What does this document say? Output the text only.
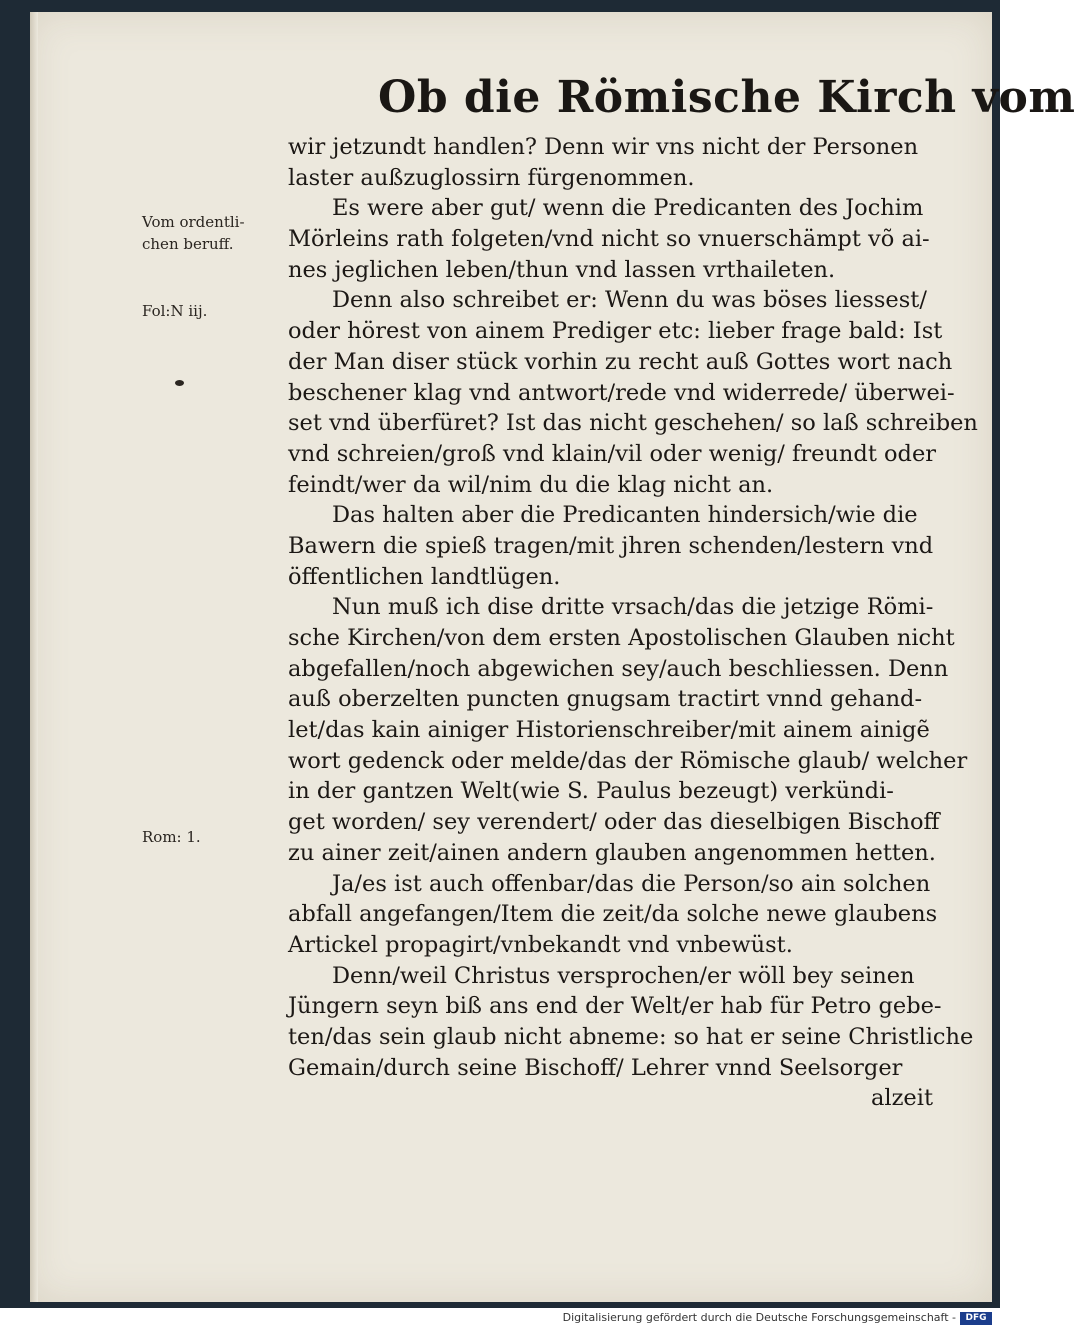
Ob die Römische Kirch vom
Vom ordentli-
chen beruff.
Fol:N iij.
Rom: 1.
wir jetzundt handlen? Denn wir vns nicht der Personen
laster außzuglossirn fürgenommen.
Es were aber gut/ wenn die Predicanten des Jochim
Mörleins rath folgeten/vnd nicht so vnuerschämpt võ ai-
nes jeglichen leben/thun vnd lassen vrthaileten.
Denn also schreibet er: Wenn du was böses liessest/
oder hörest von ainem Prediger etc: lieber frage bald: Ist
der Man diser stück vorhin zu recht auß Gottes wort nach
beschener klag vnd antwort/rede vnd widerrede/ überwei-
set vnd überfüret? Ist das nicht geschehen/ so laß schreiben
vnd schreien/groß vnd klain/vil oder wenig/ freundt oder
feindt/wer da wil/nim du die klag nicht an.
Das halten aber die Predicanten hindersich/wie die
Bawern die spieß tragen/mit jhren schenden/lestern vnd
öffentlichen landtlügen.
Nun muß ich dise dritte vrsach/das die jetzige Römi-
sche Kirchen/von dem ersten Apostolischen Glauben nicht
abgefallen/noch abgewichen sey/auch beschliessen. Denn
auß oberzelten puncten gnugsam tractirt vnnd gehand-
let/das kain ainiger Historienschreiber/mit ainem ainigẽ
wort gedenck oder melde/das der Römische glaub/ welcher
in der gantzen Welt(wie S. Paulus bezeugt) verkündi-
get worden/ sey verendert/ oder das dieselbigen Bischoff
zu ainer zeit/ainen andern glauben angenommen hetten.
Ja/es ist auch offenbar/das die Person/so ain solchen
abfall angefangen/Item die zeit/da solche newe glaubens
Artickel propagirt/vnbekandt vnd vnbewüst.
Denn/weil Christus versprochen/er wöll bey seinen
Jüngern seyn biß ans end der Welt/er hab für Petro gebe-
ten/das sein glaub nicht abneme: so hat er seine Christliche
Gemain/durch seine Bischoff/ Lehrer vnnd Seelsorger
alzeit
Digitalisierung gefördert durch die Deutsche Forschungsgemeinschaft -	DFG
